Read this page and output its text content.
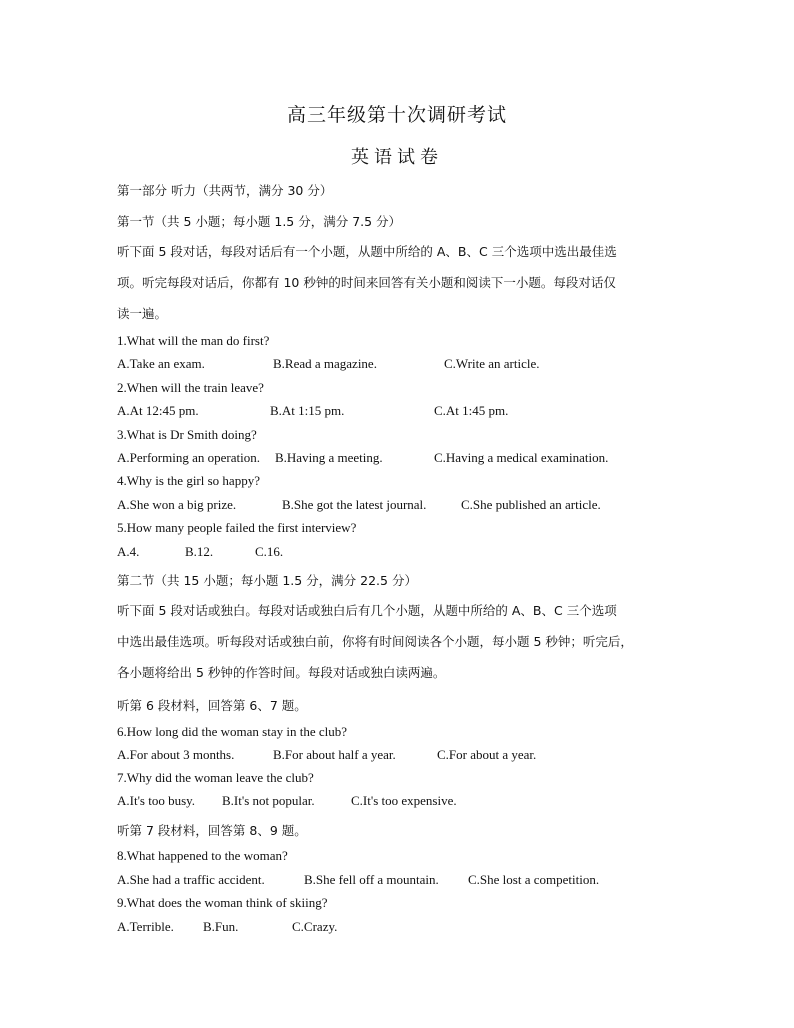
高三年级第十次调研考试
英语试卷
第一部分 听力（共两节，满分 30 分）
第一节（共 5 小题；每小题 1.5 分，满分 7.5 分）
听下面 5 段对话，每段对话后有一个小题，从题中所给的 A、B、C 三个选项中选出最佳选
项。听完每段对话后，你都有 10 秒钟的时间来回答有关小题和阅读下一小题。每段对话仅
读一遍。
1.What will the man do first?
A.Take an exam.	B.Read a magazine.	C.Write an article.
2.When will the train leave?
A.At 12:45 pm.	B.At 1:15 pm.	C.At 1:45 pm.
3.What is Dr Smith doing?
A.Performing an operation. B.Having a meeting.	C.Having a medical examination.
4.Why is the girl so happy?
A.She won a big prize.	B.She got the latest journal.	C.She published an article.
5.How many people failed the first interview?
A.4.	B.12.	C.16.
第二节（共 15 小题；每小题 1.5 分，满分 22.5 分）
听下面 5 段对话或独白。每段对话或独白后有几个小题，从题中所给的 A、B、C 三个选项
中选出最佳选项。听每段对话或独白前，你将有时间阅读各个小题，每小题 5 秒钟；听完后，
各小题将给出 5 秒钟的作答时间。每段对话或独白读两遍。
听第 6 段材料，回答第 6、7 题。
6.How long did the woman stay in the club?
A.For about 3 months.	B.For about half a year.	C.For about a year.
7.Why did the woman leave the club?
A.It's too busy. B.It's not popular.	C.It's too expensive.
听第 7 段材料，回答第 8、9 题。
8.What happened to the woman?
A.She had a traffic accident.	B.She fell off a mountain. C.She lost a competition.
9.What does the woman think of skiing?
A.Terrible. B.Fun.	C.Crazy.
